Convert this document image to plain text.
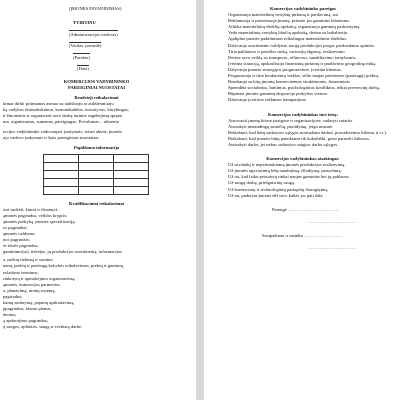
(ĮMONĖS PAVADINIMAS)
TVIRTINU
(Administracijos vadovas)
(Vardas, pavardė)
(Parašas)
(Data)
KOMERCIJOS VADYBININKO
PAREIGINIAI NUOSTATAI
Bendrieji reikalavimai
kimai dirbti priimamas asmuo su aukštuoju ar aukštesniuoju
ką vadybos išsimokslinimu, komunikabilus, iniciatyvus, kūrybingas,
ti žmonėmis ir organizuoti savo darbą turintis sugebėjimų spręsti
ma, organizuotas, sumanus, pareigingas. Privalumas – užsienio
ercijos vadybininko vadovaujasi įstatymais, teisės aktais, įmonės
ojo vadovo įsakymais ir šiais pareiginiais nuostatais.
Papildoma informacija

Kvalifikaciniai reikalavimai
turi mokėti, žinoti ir išmanyti:
ąmonės pagrindus, veiklos kryptis;
ąmonės prekybą, įmonės specializaciją;
os pagrindus;
ąmonės valdymo;
nos pagrindus;
ės teisės pagrindus;
gaminimo(sa), tiekėjus, jų produkcijos asortimentą, informacijos
a, prekių tiekimą ir srautus;
nanų, prekių ir paslaugų kokybės reikalavimus, prekių ir gaminių
oslaitimo terminus;
rinkotyrą ir apmokėjimo organizavimą;
ąmonės, komercijos partnerius;
a, planavimą, muitų sistemą;
pagrindus;
kainų sudarymą, pajamų apskaitavimą,
ppagrindus, biznio planus;
dentus;
ą apdorojimo pagrindus;
ų saugos, aplinkos, saugą ir sveikatą darbe.
Komercijos vadybininko pareigos
1. Organizuoja materialinių vertybių pirkimą ir pardavimą, sut
2. Reklamuoja ir prezentuoja įmonę, pristato jos gaminius klientams.
3. Atlieka materialinių išteklių apskaitą, organizuoja gaminių paskirstymą.
4. Veda materialinių vertybių likučių apskaitą, derina su buhalterija.
5. Apdiplna įmonės padaliniams reikalingus materialinius išteklius.
6. Dalyvauja asortimento valdyme, naujų produkcijos progn. parduodamo apimtis.
7. Tiria paklausos ir pasiūlos rinką, vartotojų elgseną, realizavimo.
8. Derina savo veiklą su transporto, rėlinvoso, sandėliavimo tarnybomis.
9. Įvertina situaciją, apskaičiuoja finansinių pirkimų ir pardavimo geografinę rinką.
10. Dalyvauja įmonės strategijos prognozavime, įvertina klientus.
11. Prognozuoja ir tiria konkurentų veiklas, siūlo naujas priemones (paslaugų) prekių.
12. Bendrauja su kitų įmonių komercinėmis struktūromis, finansiniais.
13. Sprendžia socialinius, buitinius, psichologinius konfliktus, teikia prevencinį darbą.
14. Rūpinasi įmonės gaminių eksporcija prekybos vietose.
15. Dalyvauja įvairiose reklamos kampanijose
Komercijos vadybininkas turi teisę:
1. Atstovauti įmonę kitose įstaigose ir organizacijose, sudaryti sutartis.
2. Atsisakyti nenaudingų sutarčių, pasiūlymų, jeigu nustatė.
3. Reikalauti, kad būtų sudarytos sąlygos normaliam darbui, pravažiavimo bilietas ir t.t.).
4. Reikalauti, kad įmonės būtų pateikiami tik kokybiški, gerai paruošti žaliavos.
5. Atsisakyti darbo, jei nebus sudarytos saugios darbo sąlygos.
Komercijos vadybininkas atsakingas:
1. Už savalaikį ir nepertraukiamą įmonės produkcijos realizavimą.
2. Už įmonės apyvartinių lėšų naudojimą, išlaikymą, paruošimą.
3. Už tai, kad laiku pristatytų rinkai naujus gaminius bei jų paklausa.
4. Už saugų darbą, priešgaisrinę saugą.
5. Už komercinių ir technologinių paslapčių išsaugojimą.
6. Už tai, padaryta įmonei dėl savo kaltės jos pati žala.
Parengė ...................................
.................................
Susipažinau ir sutinku ...........................
.................................
